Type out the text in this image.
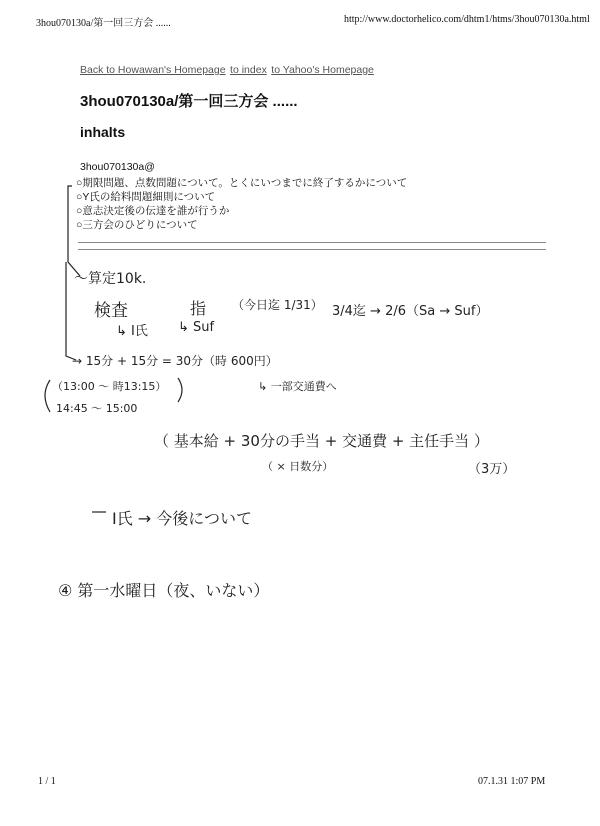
3hou070130a/第一回三方会 ......	http://www.doctorhelico.com/dhtm1/htms/3hou070130a.html
Back to Howawan's Homepage to index to Yahoo's Homepage
3hou070130a/第一回三方会 ......
inhalts
3hou070130a@
○期限問題、点数問題について。とくにいつまでに終了するかについて
○Y氏の給料問題細則について
○意志決定後の伝達を誰が行うか
○三方会のひどりについて
〜算定10k.
検査	指 （今日迄 1/31） 3/4迄 → 2/6（Sa → Suf）
↳ I氏 ↳ Suf
→ 15分 + 15分 = 30分（時 600円）
（13:00 〜 時13:15）	↳ 一部交通費へ
14:45 〜 15:00
（ 基本給 + 30分の手当 + 交通費 + 主任手当 ）
（ × 日数分）	（3万）
I氏 → 今後について
④ 第一水曜日（夜、いない）
1 / 1	07.1.31 1:07 PM
